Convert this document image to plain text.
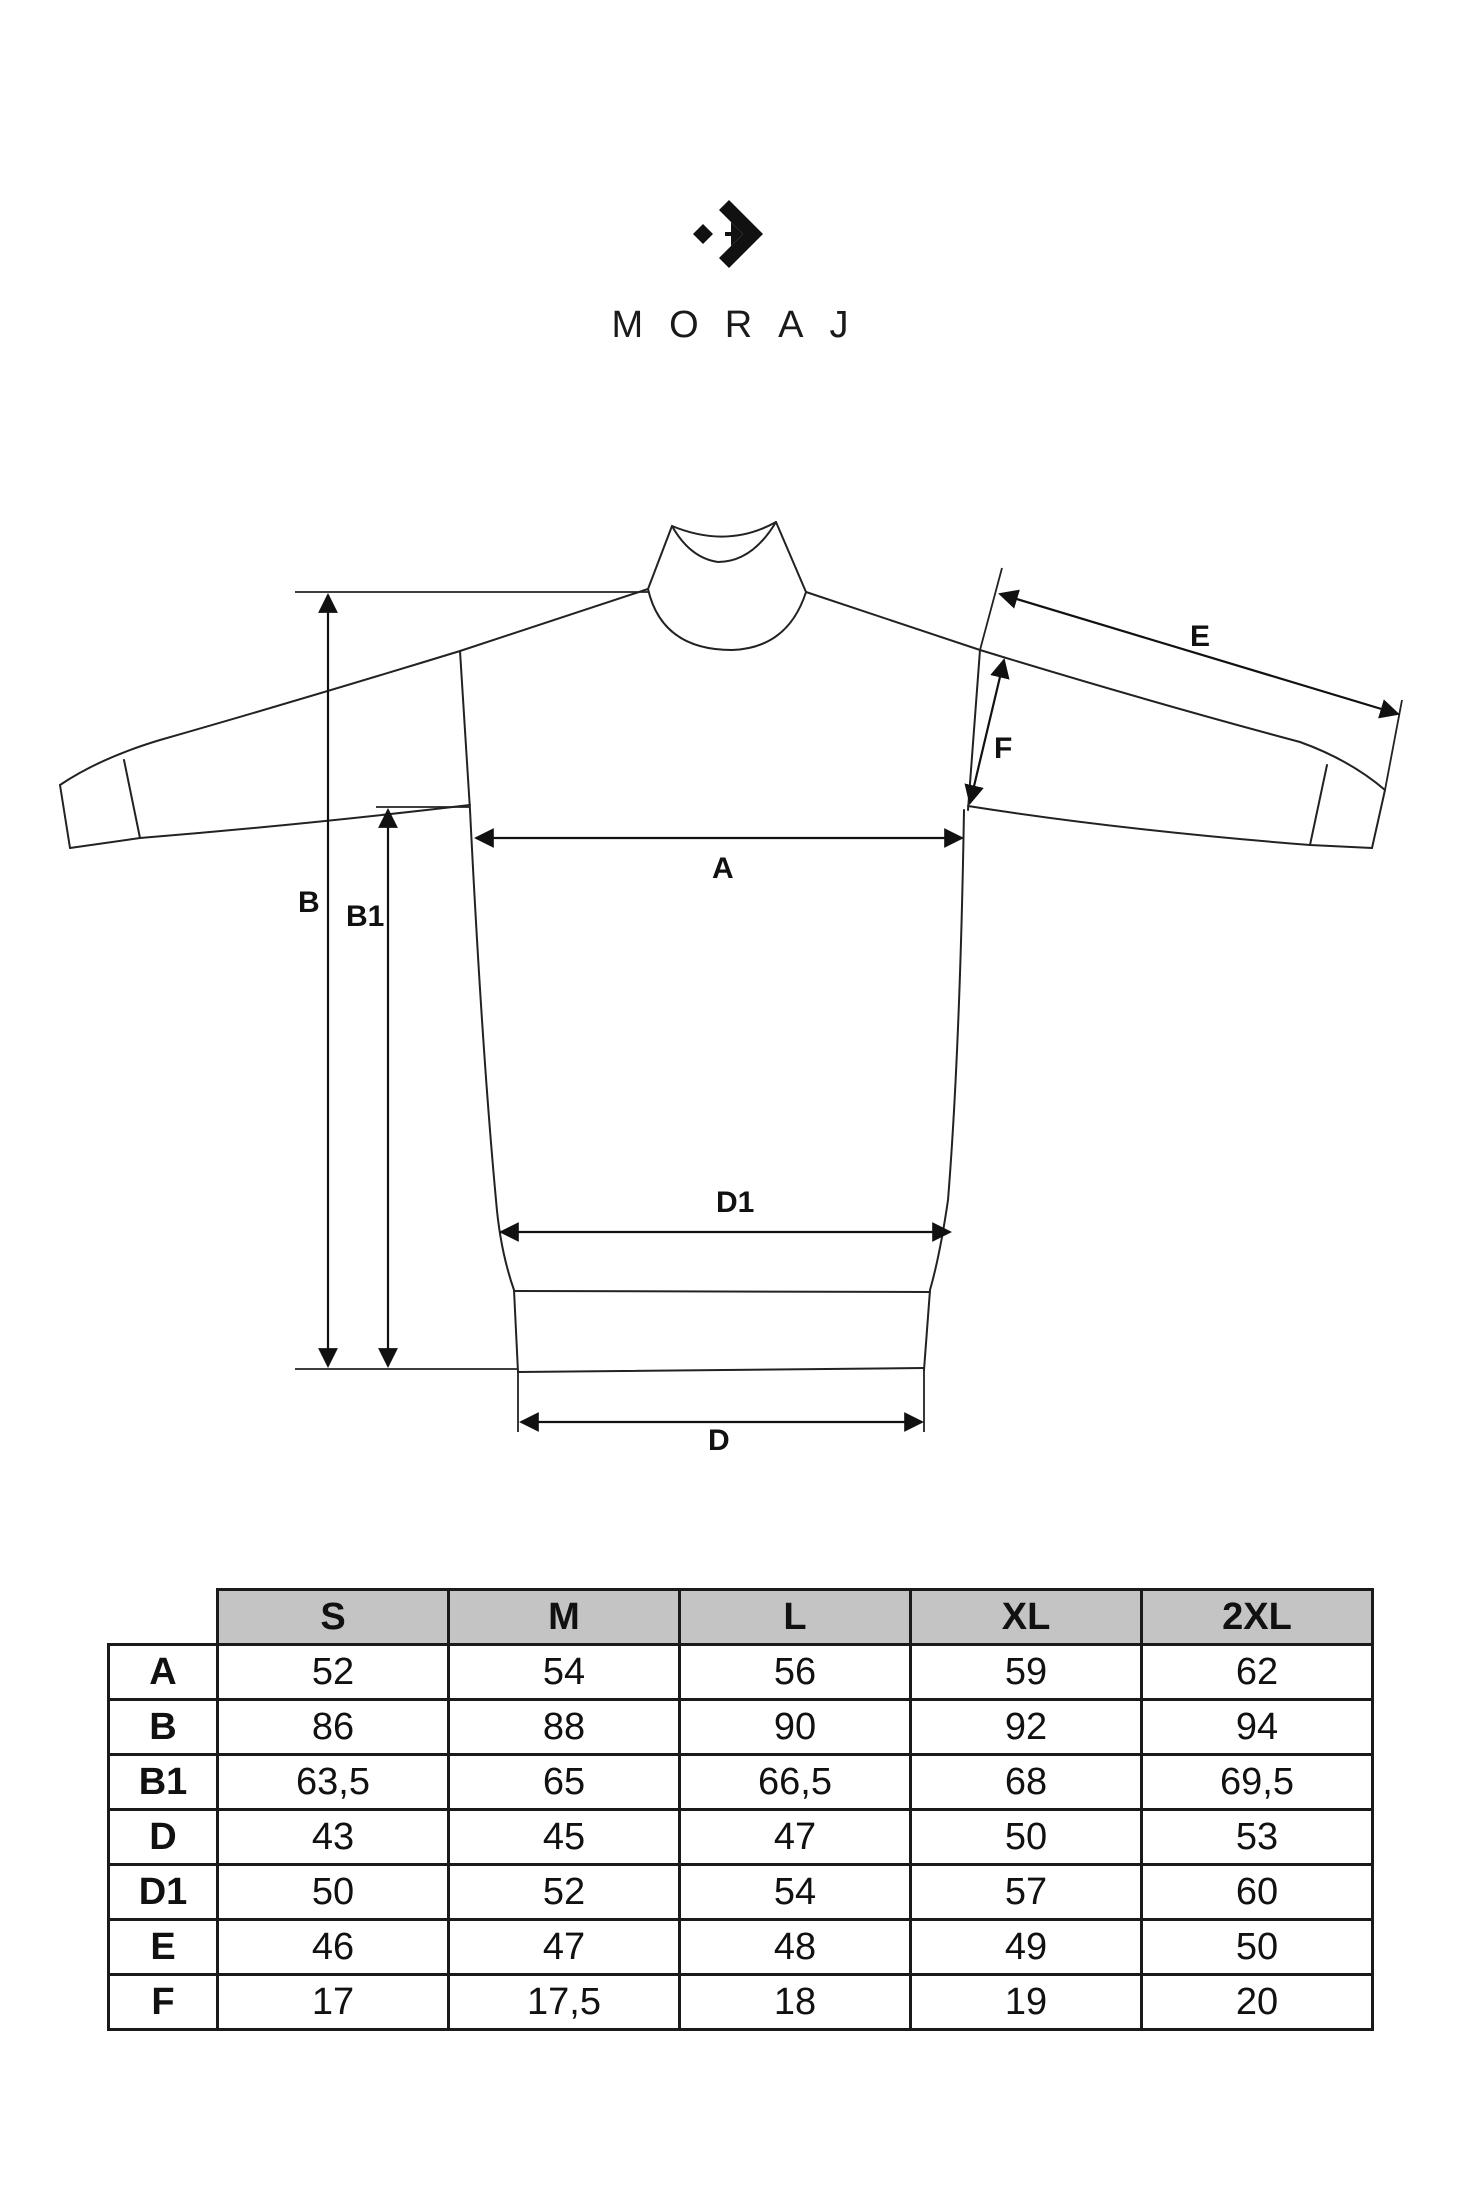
MORAJ
B B1
A
D1
D
E
F
	S	M	L	XL	2XL
A	52	54	56	59	62
B	86	88	90	92	94
B1	63,5	65	66,5	68	69,5
D	43	45	47	50	53
D1	50	52	54	57	60
E	46	47	48	49	50
F	17	17,5	18	19	20
